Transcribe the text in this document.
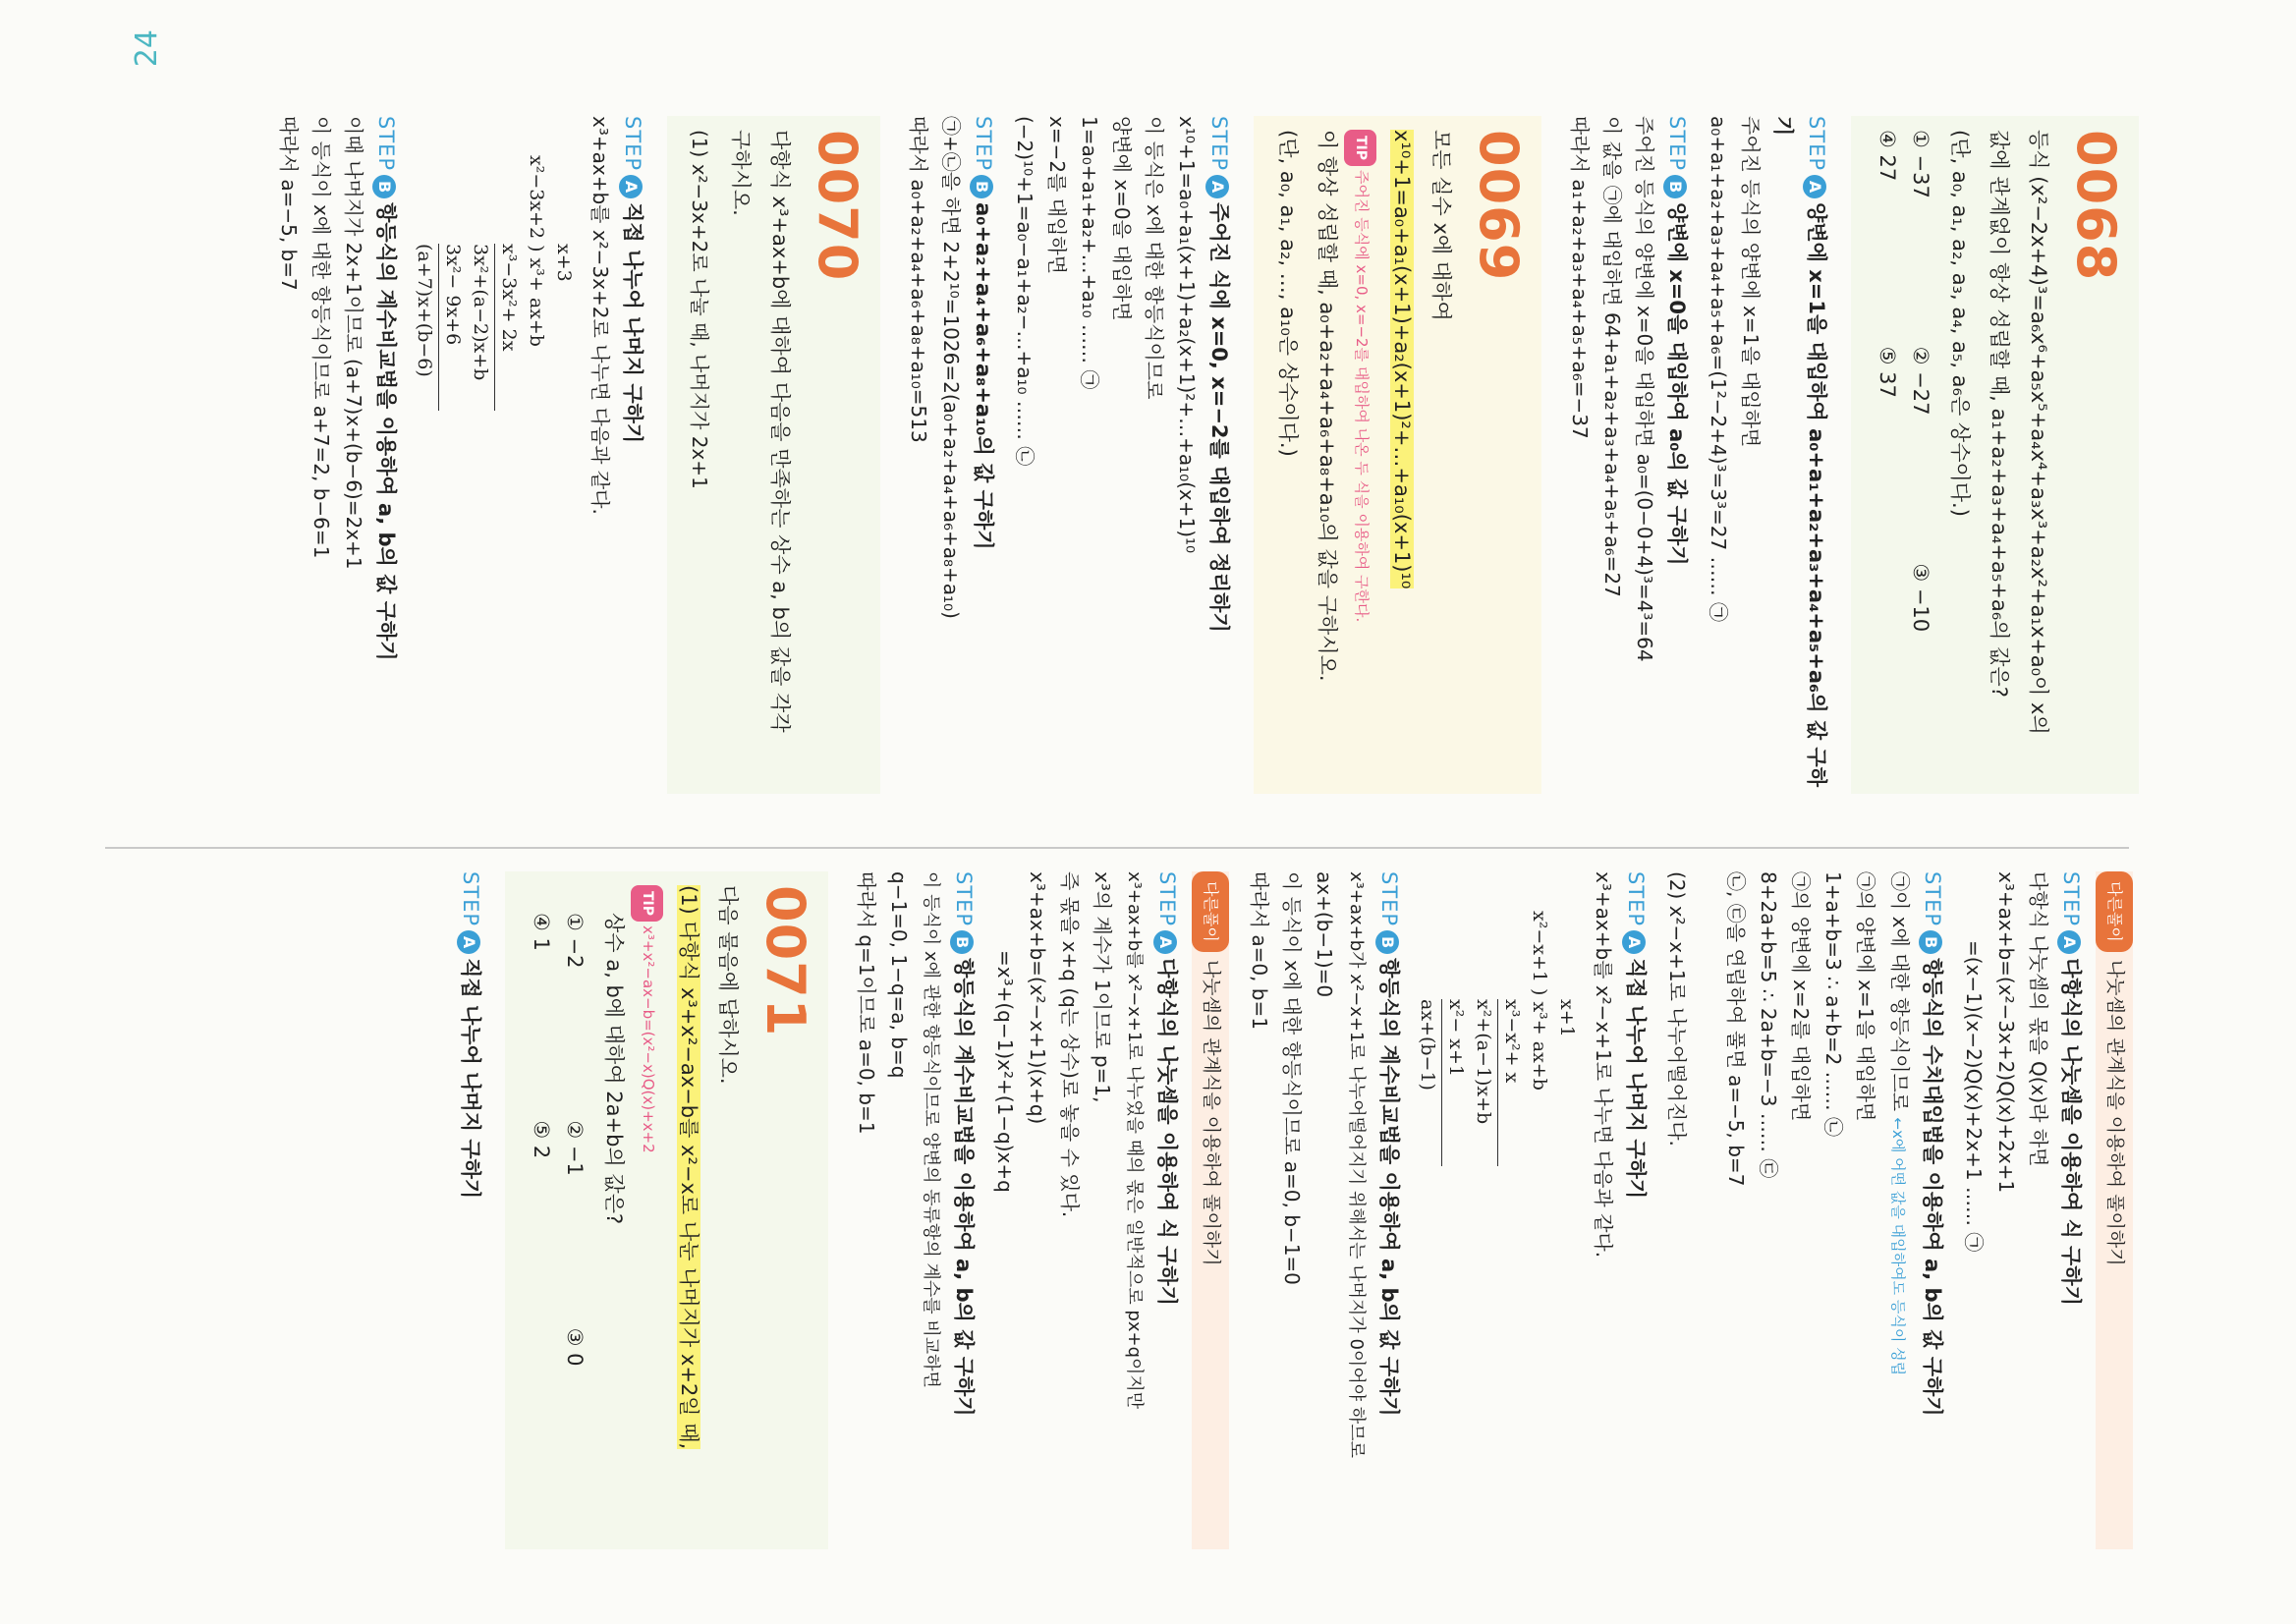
24
0068
등식 (x²−2x+4)³=a₆x⁶+a₅x⁵+a₄x⁴+a₃x³+a₂x²+a₁x+a₀이 x의
값에 관계없이 항상 성립할 때, a₁+a₂+a₃+a₄+a₅+a₆의 값은?
(단, a₀, a₁, a₂, a₃, a₄, a₅, a₆은 상수이다.)
① −37
② −27
③ −10
④ 27
⑤ 37
STEPA양변에 x=1을 대입하여 a₀+a₁+a₂+a₃+a₄+a₅+a₆의 값 구하기
주어진 등식의 양변에 x=1을 대입하면
a₀+a₁+a₂+a₃+a₄+a₅+a₆=(1²−2+4)³=3³=27 …… ㉠
STEPB양변에 x=0을 대입하여 a₀의 값 구하기
주어진 등식의 양변에 x=0을 대입하면 a₀=(0−0+4)³=4³=64
이 값을 ㉠에 대입하면 64+a₁+a₂+a₃+a₄+a₅+a₆=27
따라서 a₁+a₂+a₃+a₄+a₅+a₆=−37
0069
모든 실수 x에 대하여
x¹⁰+1=a₀+a₁(x+1)+a₂(x+1)²+…+a₁₀(x+1)¹⁰
TIP주어진 등식에 x=0, x=−2를 대입하여 나온 두 식을 이용하여 구한다.
이 항상 성립할 때, a₀+a₂+a₄+a₆+a₈+a₁₀의 값을 구하시오.
(단, a₀, a₁, a₂, …, a₁₀은 상수이다.)
STEPA주어진 식에 x=0, x=−2를 대입하여 정리하기
x¹⁰+1=a₀+a₁(x+1)+a₂(x+1)²+…+a₁₀(x+1)¹⁰
이 등식은 x에 대한 항등식이므로
양변에 x=0을 대입하면
1=a₀+a₁+a₂+…+a₁₀ …… ㉠
x=−2를 대입하면
(−2)¹⁰+1=a₀−a₁+a₂−…+a₁₀ …… ㉡
STEPBa₀+a₂+a₄+a₆+a₈+a₁₀의 값 구하기
㉠+㉡을 하면 2+2¹⁰=1026=2(a₀+a₂+a₄+a₆+a₈+a₁₀)
따라서 a₀+a₂+a₄+a₆+a₈+a₁₀=513
0070
다항식 x³+ax+b에 대하여 다음을 만족하는 상수 a, b의 값을 각각
구하시오.
(1) x²−3x+2로 나눌 때, 나머지가 2x+1
STEPA직접 나누어 나머지 구하기
x³+ax+b를 x²−3x+2로 나누면 다음과 같다.
x+3
x²−3x+2 ) x³+ ax+b
x³−3x²+ 2x
3x²+(a−2)x+b
3x²− 9x+6
(a+7)x+(b−6)
STEPB항등식의 계수비교법을 이용하여 a, b의 값 구하기
이때 나머지가 2x+1이므로 (a+7)x+(b−6)=2x+1
이 등식이 x에 대한 항등식이므로 a+7=2, b−6=1
따라서 a=−5, b=7
다른풀이나눗셈의 관계식을 이용하여 풀이하기
STEPA다항식의 나눗셈을 이용하여 식 구하기
다항식 나눗셈의 몫을 Q(x)라 하면
x³+ax+b=(x²−3x+2)Q(x)+2x+1
=(x−1)(x−2)Q(x)+2x+1 …… ㉠
STEPB항등식의 수치대입법을 이용하여 a, b의 값 구하기
㉠이 x에 대한 항등식이므로 ←x에 어떤 값을 대입하여도 등식이 성립
㉠의 양변에 x=1을 대입하면
1+a+b=3 ∴ a+b=2 …… ㉡
㉠의 양변에 x=2를 대입하면
8+2a+b=5 ∴ 2a+b=−3 …… ㉢
㉡, ㉢을 연립하여 풀면 a=−5, b=7
(2) x²−x+1로 나누어떨어진다.
STEPA직접 나누어 나머지 구하기
x³+ax+b를 x²−x+1로 나누면 다음과 같다.
x+1
x²−x+1 ) x³+ ax+b
x³−x²+ x
x²+(a−1)x+b
x²− x+1
ax+(b−1)
STEPB항등식의 계수비교법을 이용하여 a, b의 값 구하기
x³+ax+b가 x²−x+1로 나누어떨어지기 위해서는 나머지가 0이어야 하므로
ax+(b−1)=0
이 등식이 x에 대한 항등식이므로 a=0, b−1=0
따라서 a=0, b=1
다른풀이나눗셈의 관계식을 이용하여 풀이하기
STEPA다항식의 나눗셈을 이용하여 식 구하기
x³+ax+b를 x²−x+1로 나누었을 때의 몫은 일반적으로 px+q이지만
x³의 계수가 1이므로 p=1,
즉 몫을 x+q (q는 상수)로 놓을 수 있다.
x³+ax+b=(x²−x+1)(x+q)
=x³+(q−1)x²+(1−q)x+q
STEPB항등식의 계수비교법을 이용하여 a, b의 값 구하기
이 등식이 x에 관한 항등식이므로 양변의 동류항의 계수를 비교하면
q−1=0, 1−q=a, b=q
따라서 q=1이므로 a=0, b=1
0071
다음 물음에 답하시오.
(1) 다항식 x³+x²−ax−b를 x²−x로 나눈 나머지가 x+2일 때,
TIPx³+x²−ax−b=(x²−x)Q(x)+x+2
상수 a, b에 대하여 2a+b의 값은?
① −2
② −1
③ 0
④ 1
⑤ 2
STEPA직접 나누어 나머지 구하기
